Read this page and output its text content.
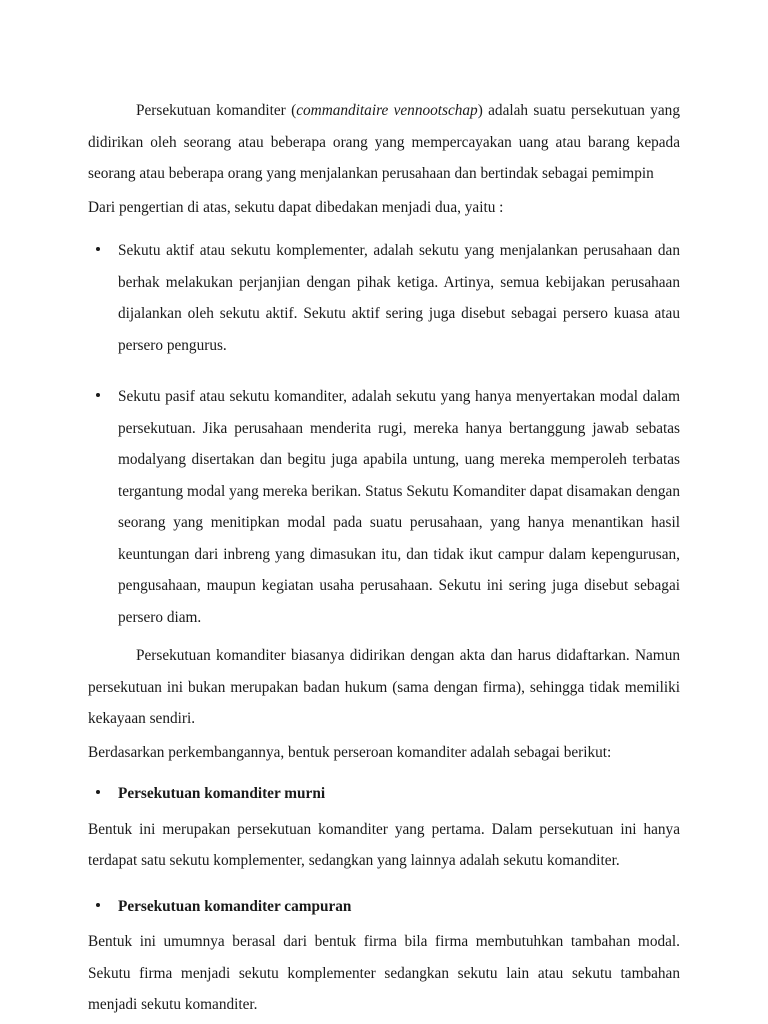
Persekutuan komanditer (commanditaire vennootschap) adalah suatu persekutuan yang didirikan oleh seorang atau beberapa orang yang mempercayakan uang atau barang kepada seorang atau beberapa orang yang menjalankan perusahaan dan bertindak sebagai pemimpin

Dari pengertian di atas, sekutu dapat dibedakan menjadi dua, yaitu :

Sekutu aktif atau sekutu komplementer, adalah sekutu yang menjalankan perusahaan dan berhak melakukan perjanjian dengan pihak ketiga. Artinya, semua kebijakan perusahaan dijalankan oleh sekutu aktif. Sekutu aktif sering juga disebut sebagai persero kuasa atau persero pengurus.
Sekutu pasif atau sekutu komanditer, adalah sekutu yang hanya menyertakan modal dalam persekutuan. Jika perusahaan menderita rugi, mereka hanya bertanggung jawab sebatas modalyang disertakan dan begitu juga apabila untung, uang mereka memperoleh terbatas tergantung modal yang mereka berikan. Status Sekutu Komanditer dapat disamakan dengan seorang yang menitipkan modal pada suatu perusahaan, yang hanya menantikan hasil keuntungan dari inbreng yang dimasukan itu, dan tidak ikut campur dalam kepengurusan, pengusahaan, maupun kegiatan usaha perusahaan. Sekutu ini sering juga disebut sebagai persero diam.

Persekutuan komanditer biasanya didirikan dengan akta dan harus didaftarkan. Namun persekutuan ini bukan merupakan badan hukum (sama dengan firma), sehingga tidak memiliki kekayaan sendiri.

Berdasarkan perkembangannya, bentuk perseroan komanditer adalah sebagai berikut:

Persekutuan komanditer murni

Bentuk ini merupakan persekutuan komanditer yang pertama. Dalam persekutuan ini hanya terdapat satu sekutu komplementer, sedangkan yang lainnya adalah sekutu komanditer.

Persekutuan komanditer campuran

Bentuk ini umumnya berasal dari bentuk firma bila firma membutuhkan tambahan modal. Sekutu firma menjadi sekutu komplementer sedangkan sekutu lain atau sekutu tambahan menjadi sekutu komanditer.
